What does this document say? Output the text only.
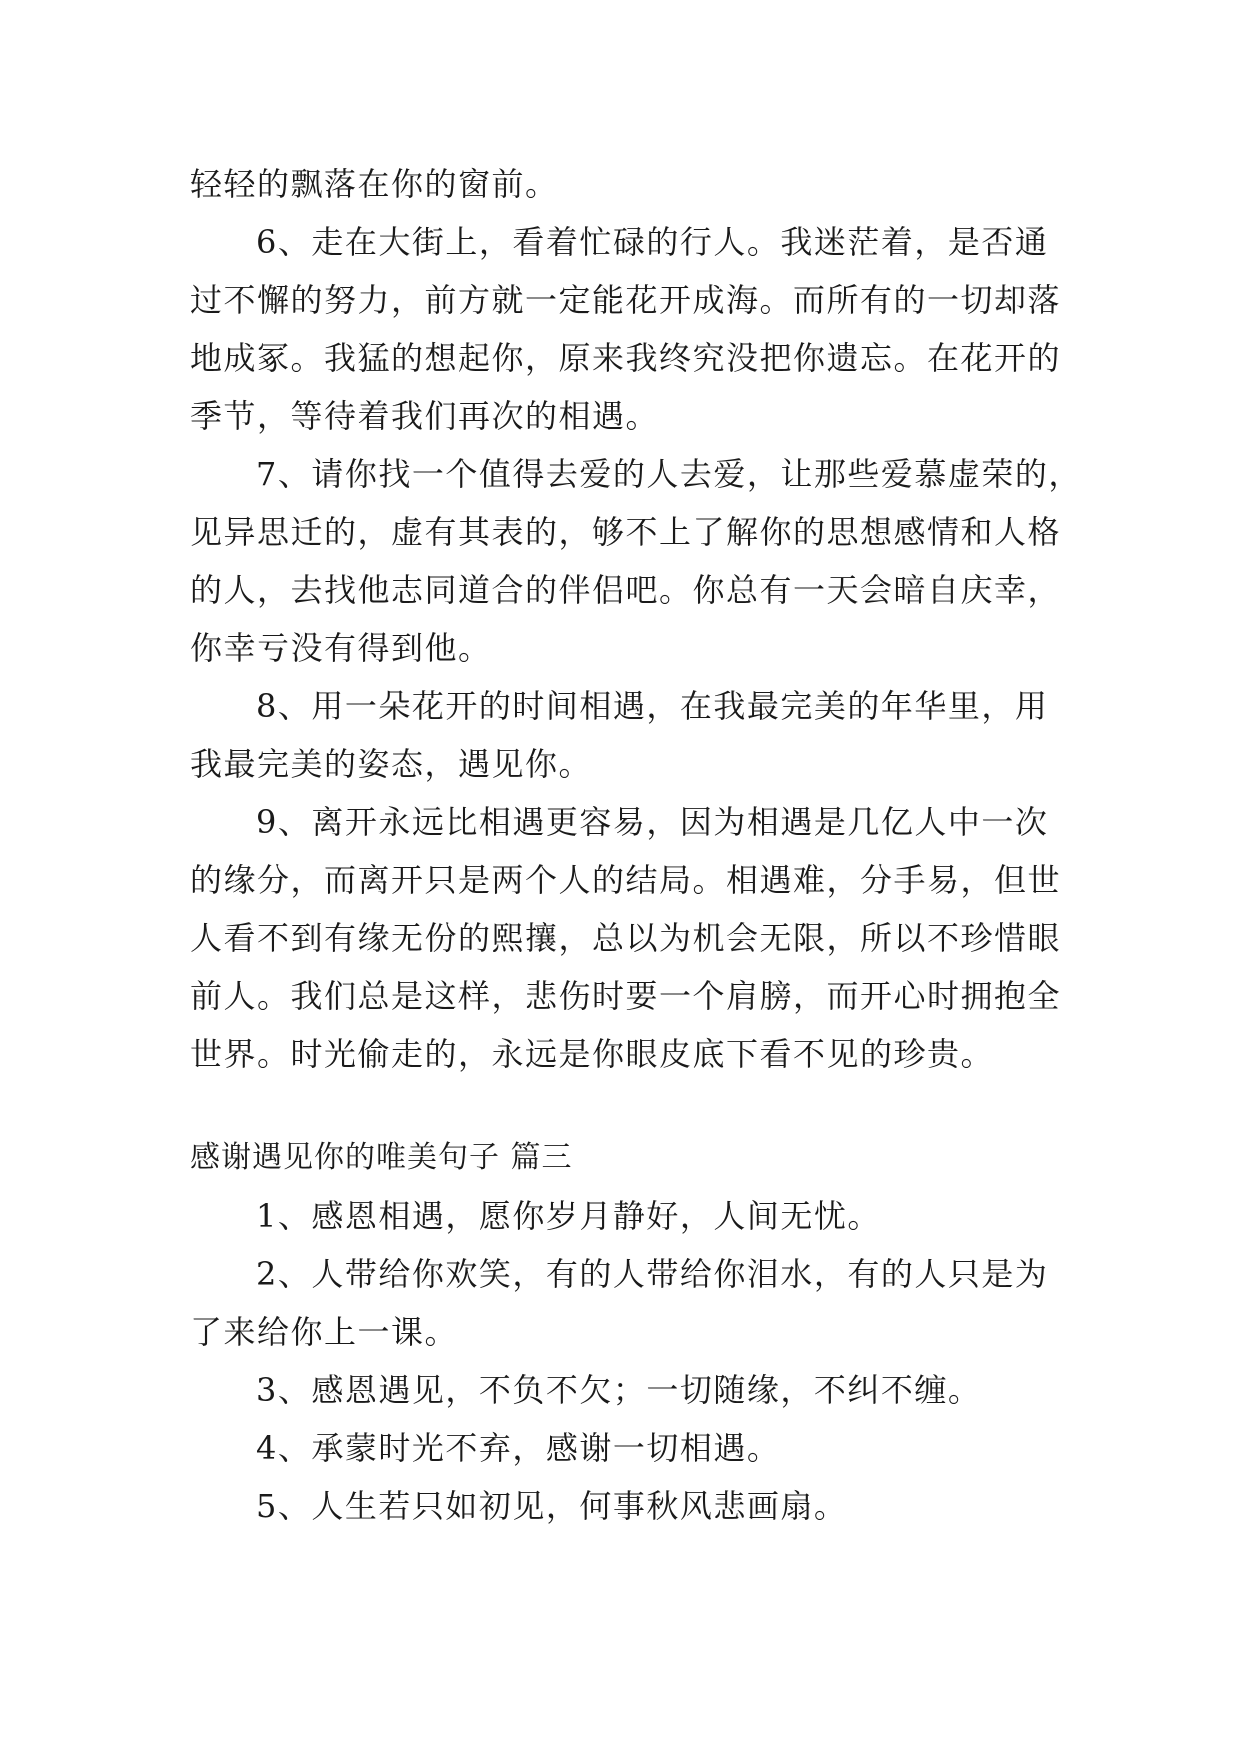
轻轻的飘落在你的窗前。
6、走在大街上，看着忙碌的行人。我迷茫着，是否通
过不懈的努力，前方就一定能花开成海。而所有的一切却落
地成冢。我猛的想起你，原来我终究没把你遗忘。在花开的
季节，等待着我们再次的相遇。
7、请你找一个值得去爱的人去爱，让那些爱慕虚荣的，
见异思迁的，虚有其表的，够不上了解你的思想感情和人格
的人，去找他志同道合的伴侣吧。你总有一天会暗自庆幸，
你幸亏没有得到他。
8、用一朵花开的时间相遇，在我最完美的年华里，用
我最完美的姿态，遇见你。
9、离开永远比相遇更容易，因为相遇是几亿人中一次
的缘分，而离开只是两个人的结局。相遇难，分手易，但世
人看不到有缘无份的熙攘，总以为机会无限，所以不珍惜眼
前人。我们总是这样，悲伤时要一个肩膀，而开心时拥抱全
世界。时光偷走的，永远是你眼皮底下看不见的珍贵。
感谢遇见你的唯美句子 篇三
1、感恩相遇，愿你岁月静好，人间无忧。
2、人带给你欢笑，有的人带给你泪水，有的人只是为
了来给你上一课。
3、感恩遇见，不负不欠；一切随缘，不纠不缠。
4、承蒙时光不弃，感谢一切相遇。
5、人生若只如初见，何事秋风悲画扇。
